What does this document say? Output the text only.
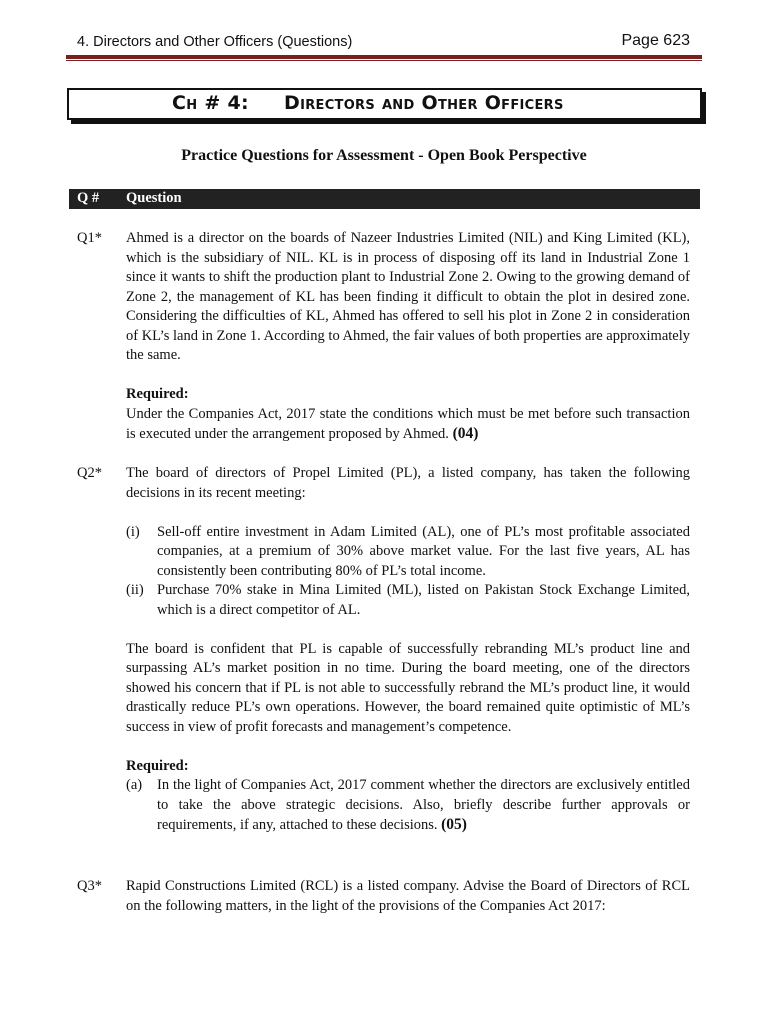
4. Directors and Other Officers (Questions)	Page 623
Ch # 4: Directors and Other Officers
Practice Questions for Assessment - Open Book Perspective
Q # Question
Q1* Ahmed is a director on the boards of Nazeer Industries Limited (NIL) and King Limited (KL), which is the subsidiary of NIL. KL is in process of disposing off its land in Industrial Zone 1 since it wants to shift the production plant to Industrial Zone 2. Owing to the growing demand of Zone 2, the management of KL has been finding it difficult to obtain the plot in desired zone. Considering the difficulties of KL, Ahmed has offered to sell his plot in Zone 2 in consideration of KL’s land in Zone 1. According to Ahmed, the fair values of both properties are approximately the same.

Required:

Under the Companies Act, 2017 state the conditions which must be met before such transaction is executed under the arrangement proposed by Ahmed. (04)

Q2* The board of directors of Propel Limited (PL), a listed company, has taken the following decisions in its recent meeting:

(i) Sell-off entire investment in Adam Limited (AL), one of PL’s most profitable associated companies, at a premium of 30% above market value. For the last five years, AL has consistently been contributing 80% of PL’s total income.
(ii) Purchase 70% stake in Mina Limited (ML), listed on Pakistan Stock Exchange Limited, which is a direct competitor of AL.

The board is confident that PL is capable of successfully rebranding ML’s product line and surpassing AL’s market position in no time. During the board meeting, one of the directors showed his concern that if PL is not able to successfully rebrand the ML’s product line, it would drastically reduce PL’s own operations. However, the board remained quite optimistic of ML’s success in view of profit forecasts and management’s competence.

Required:

(a) In the light of Companies Act, 2017 comment whether the directors are exclusively entitled to take the above strategic decisions. Also, briefly describe further approvals or requirements, if any, attached to these decisions. (05)
Q3* Rapid Constructions Limited (RCL) is a listed company. Advise the Board of Directors of RCL on the following matters, in the light of the provisions of the Companies Act 2017:
